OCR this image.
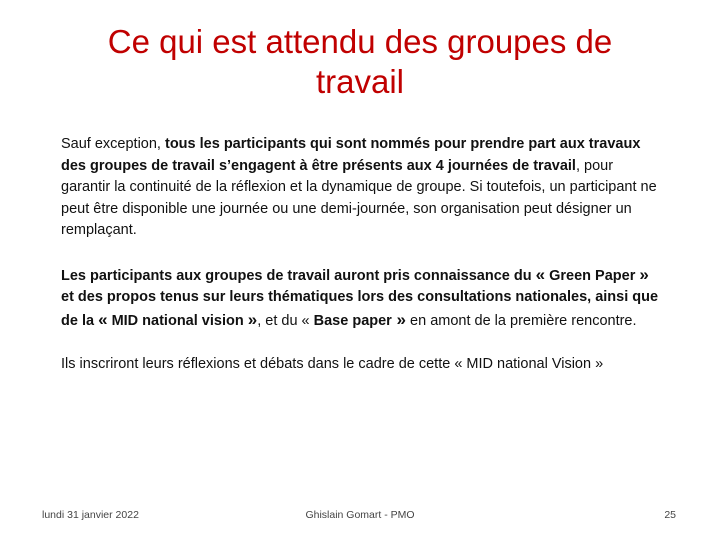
Ce qui est attendu des groupes de
travail

Sauf exception, tous les participants qui sont nommés pour prendre part aux travaux des groupes de travail s’engagent à être présents aux 4 journées de travail, pour garantir la continuité de la réflexion et la dynamique de groupe. Si toutefois, un participant ne peut être disponible une journée ou une demi-journée, son organisation peut désigner un remplaçant.

Les participants aux groupes de travail auront pris connaissance du « Green Paper » et des propos tenus sur leurs thématiques lors des consultations nationales, ainsi que de la « MID national vision », et du « Base paper » en amont de la première rencontre.

Ils inscriront leurs réflexions et débats dans le cadre de cette « MID national Vision »

lundi 31 janvier 2022	Ghislain Gomart - PMO	25
